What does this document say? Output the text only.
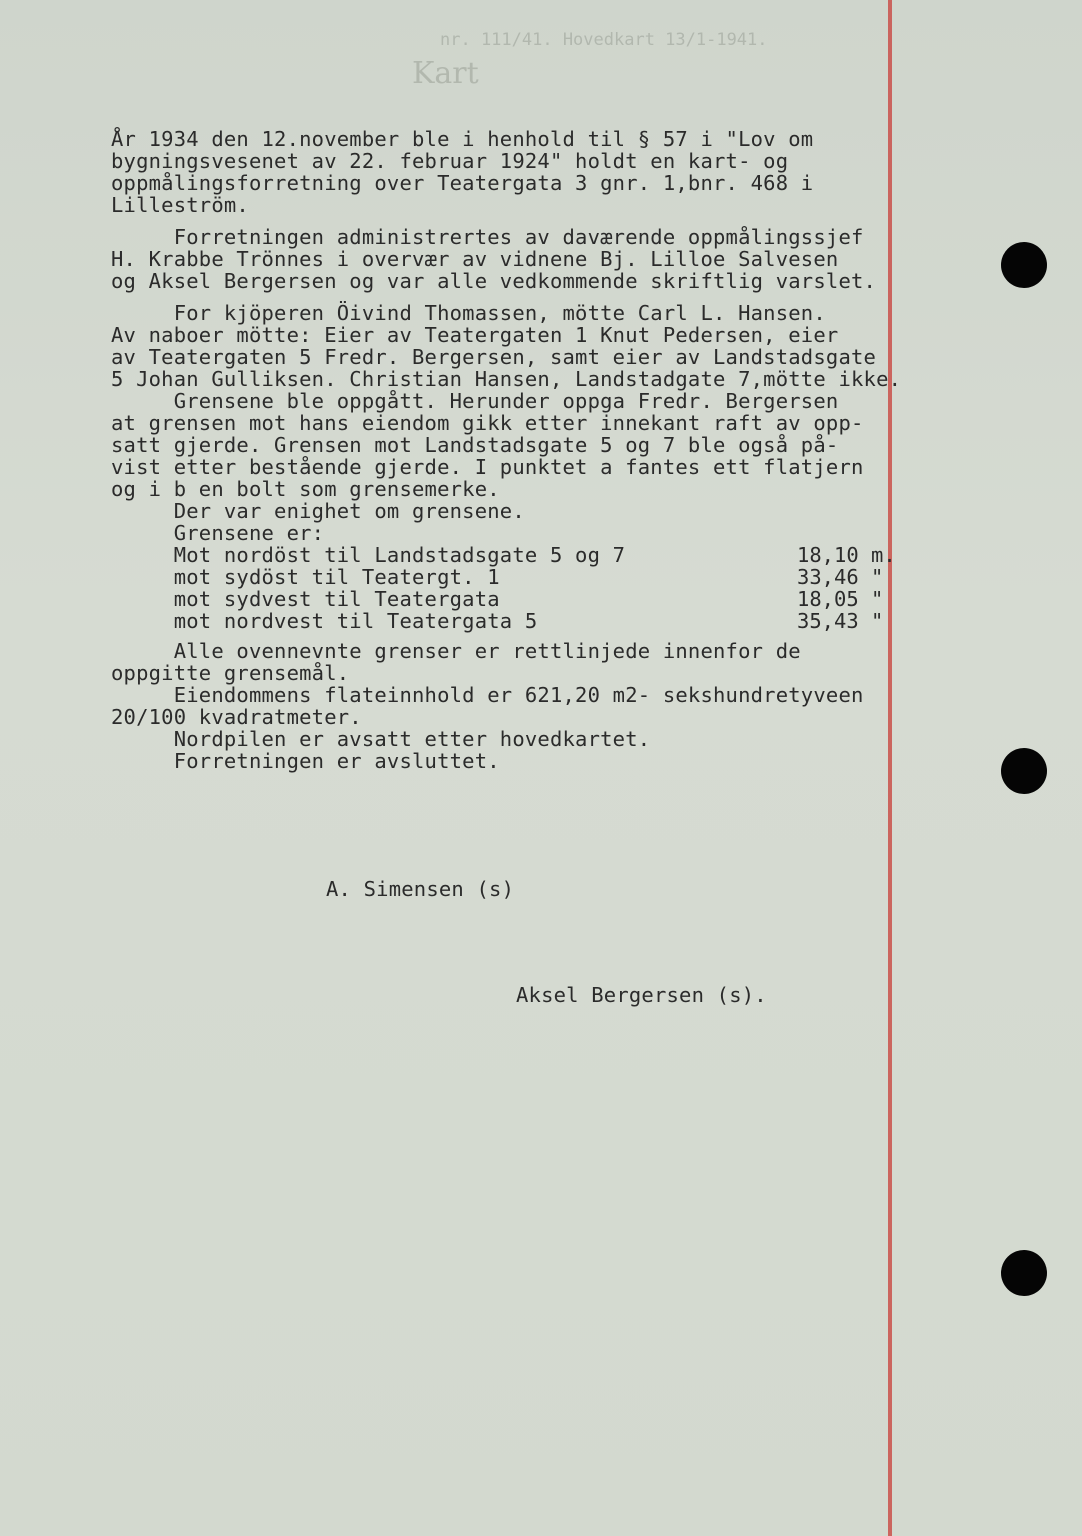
nr. 111/41. Hovedkart 13/1-1941.
Kart
År 1934 den 12.november ble i henhold til § 57 i "Lov om
bygningsvesenet av 22. februar 1924" holdt en kart- og
oppmålingsforretning over Teatergata 3 gnr. 1,bnr. 468 i
Lilleström.
Forretningen administrertes av daværende oppmålingssjef
H. Krabbe Trönnes i overvær av vidnene Bj. Lilloe Salvesen
og Aksel Bergersen og var alle vedkommende skriftlig varslet.
For kjöperen Öivind Thomassen, mötte Carl L. Hansen.
Av naboer mötte: Eier av Teatergaten 1 Knut Pedersen, eier
av Teatergaten 5 Fredr. Bergersen, samt eier av Landstadsgate
5 Johan Gulliksen. Christian Hansen, Landstadgate 7,mötte ikke.
Grensene ble oppgått. Herunder oppga Fredr. Bergersen
at grensen mot hans eiendom gikk etter innekant raft av opp-
satt gjerde. Grensen mot Landstadsgate 5 og 7 ble også på-
vist etter bestående gjerde. I punktet a fantes ett flatjern
og i b en bolt som grensemerke.
Der var enighet om grensene.
Grensene er:
Mot nordöst til Landstadsgate 5 og 7	18,10 m.
mot sydöst til Teatergt. 1	33,46 "
mot sydvest til Teatergata	18,05 "
mot nordvest til Teatergata 5	35,43 "
Alle ovennevnte grenser er rettlinjede innenfor de
oppgitte grensemål.
Eiendommens flateinnhold er 621,20 m2- sekshundretyveen
20/100 kvadratmeter.
Nordpilen er avsatt etter hovedkartet.
Forretningen er avsluttet.
A. Simensen (s)
Aksel Bergersen (s).
